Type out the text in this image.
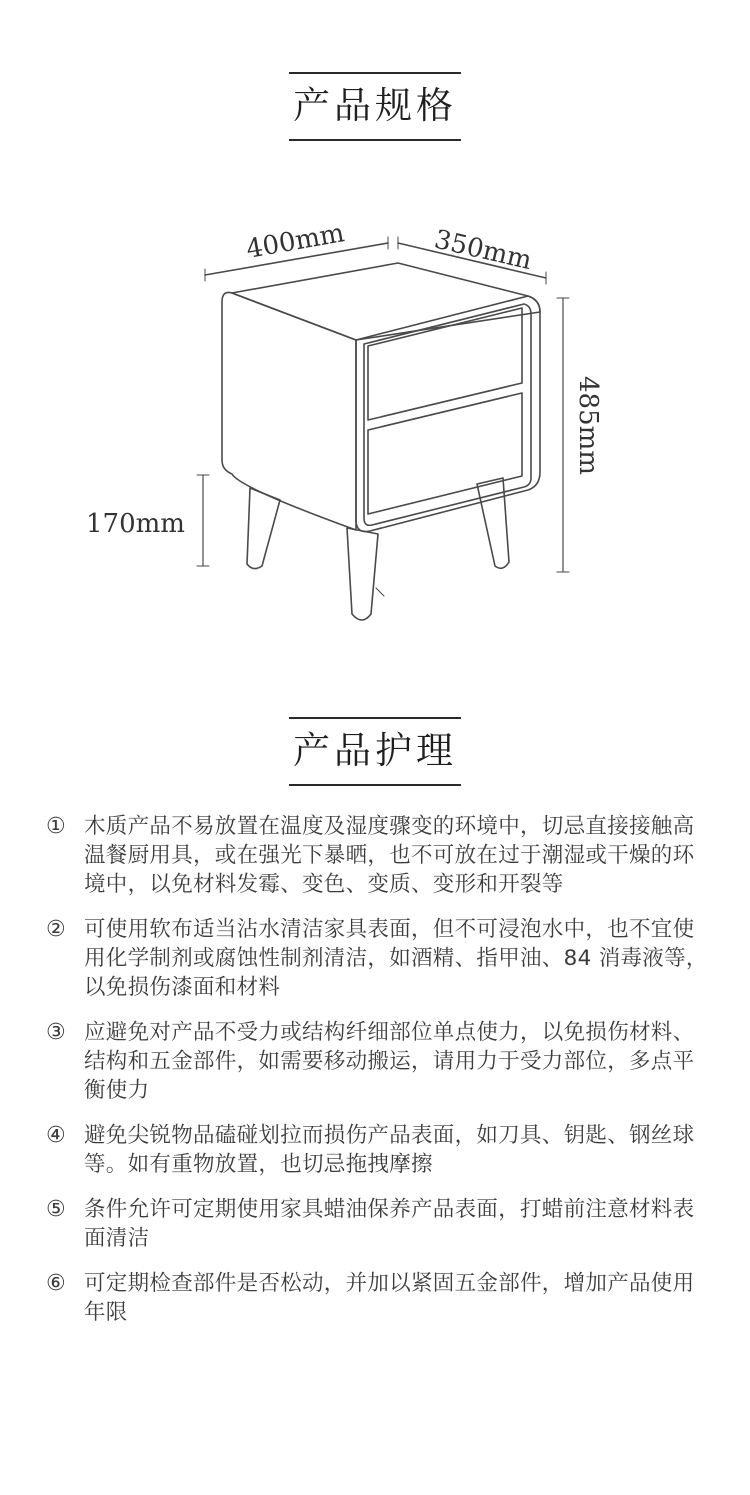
产品规格
400mm	350mm
485mm
170mm
产品护理
① 木质产品不易放置在温度及湿度骤变的环境中，切忌直接接触高温餐厨用具，或在强光下暴晒，也不可放在过于潮湿或干燥的环境中，以免材料发霉、变色、变质、变形和开裂等
② 可使用软布适当沾水清洁家具表面，但不可浸泡水中，也不宜使用化学制剂或腐蚀性制剂清洁，如酒精、指甲油、84 消毒液等，以免损伤漆面和材料
③ 应避免对产品不受力或结构纤细部位单点使力，以免损伤材料、结构和五金部件，如需要移动搬运，请用力于受力部位，多点平衡使力
④ 避免尖锐物品磕碰划拉而损伤产品表面，如刀具、钥匙、钢丝球等。如有重物放置，也切忌拖拽摩擦
⑤ 条件允许可定期使用家具蜡油保养产品表面，打蜡前注意材料表面清洁
⑥ 可定期检查部件是否松动，并加以紧固五金部件，增加产品使用年限
